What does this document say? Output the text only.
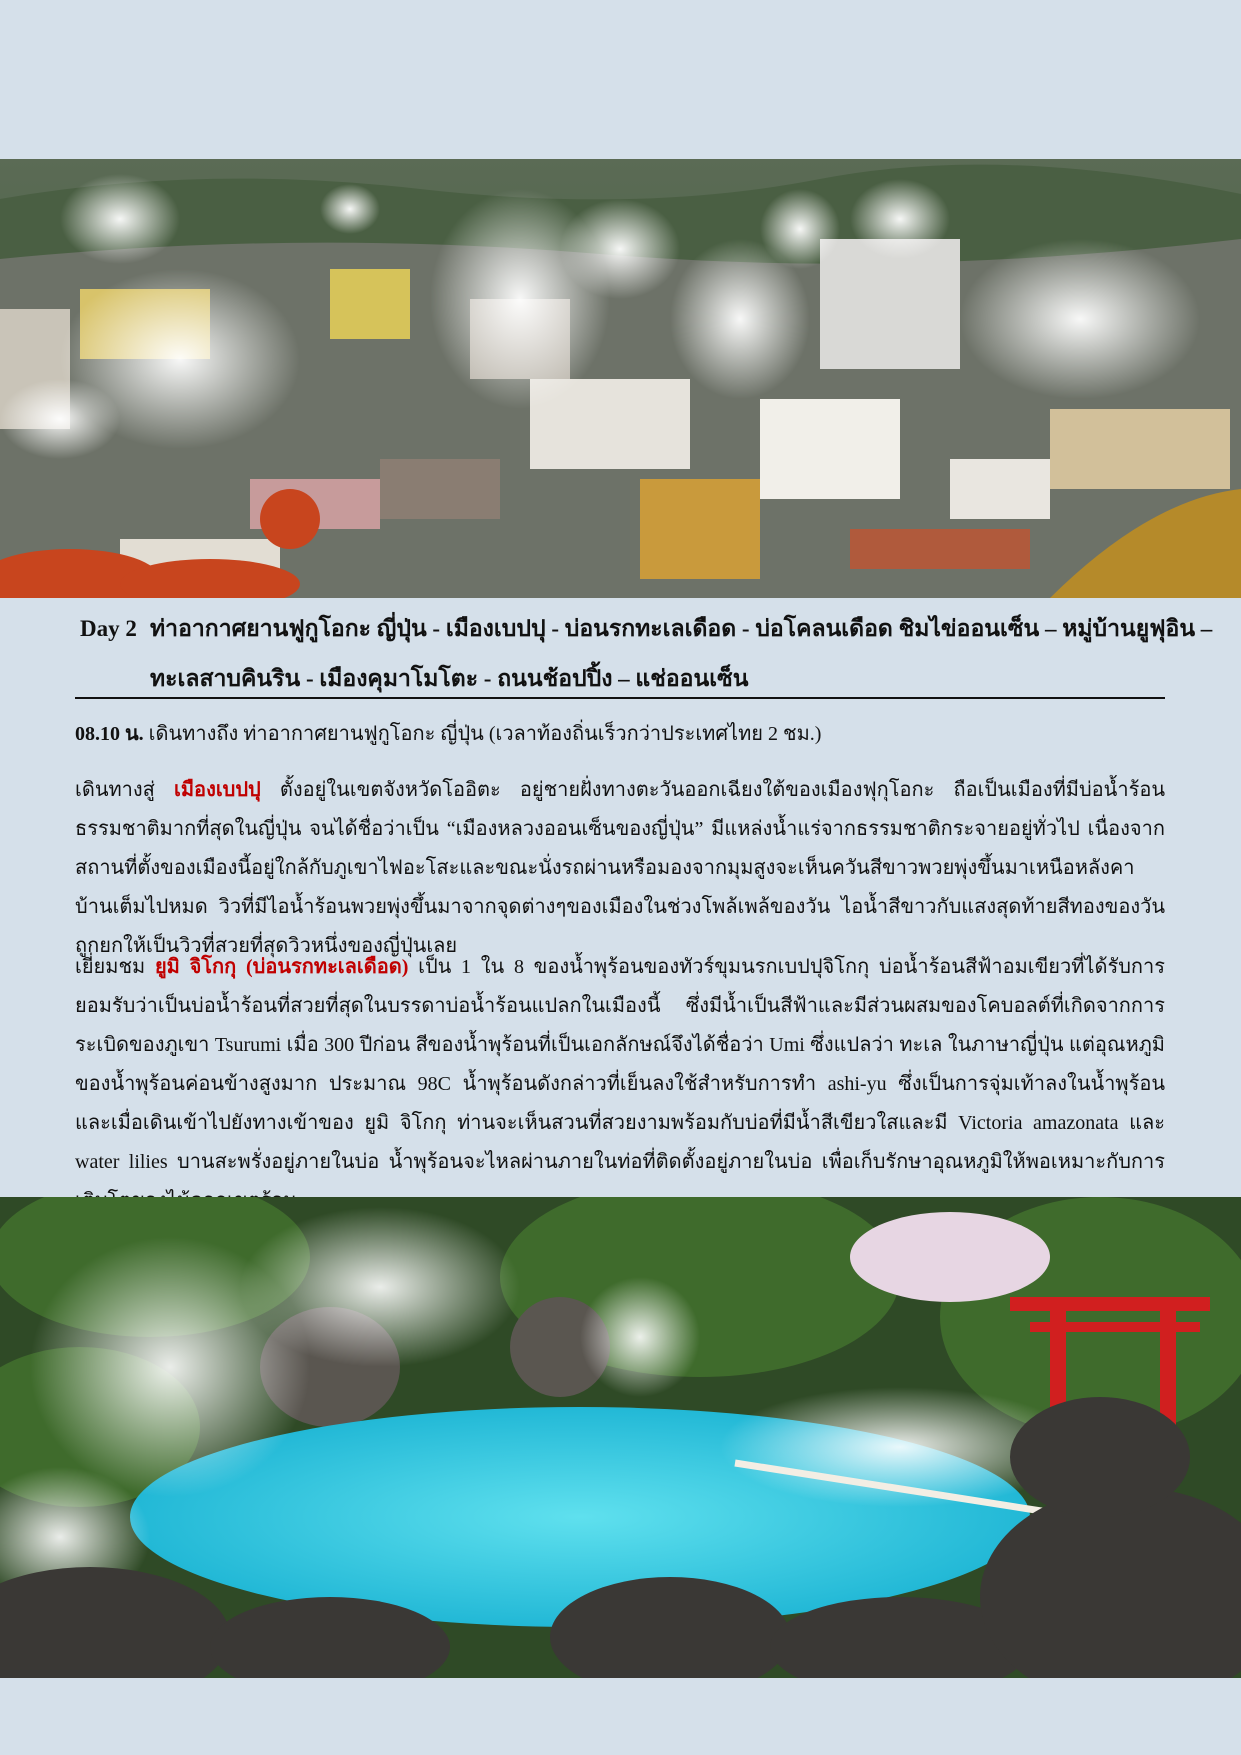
Day 2 ท่าอากาศยานฟูกูโอกะ ญี่ปุ่น - เมืองเบปปุ - บ่อนรกทะเลเดือด - บ่อโคลนเดือด ชิมไข่ออนเซ็น – หมู่บ้านยูฟุอิน –
ทะเลสาบคินริน - เมืองคุมาโมโตะ - ถนนช้อปปิ้ง – แช่ออนเซ็น
08.10 น. เดินทางถึง ท่าอากาศยานฟูกูโอกะ ญี่ปุ่น (เวลาท้องถิ่นเร็วกว่าประเทศไทย 2 ชม.)
เดินทางสู่ เมืองเบปปุ ตั้งอยู่ในเขตจังหวัดโออิตะ อยู่ชายฝั่งทางตะวันออกเฉียงใต้ของเมืองฟุกุโอกะ ถือเป็นเมืองที่มีบ่อน้ำร้อนธรรมชาติมากที่สุดในญี่ปุ่น จนได้ชื่อว่าเป็น “เมืองหลวงออนเซ็นของญี่ปุ่น” มีแหล่งน้ำแร่จากธรรมชาติกระจายอยู่ทั่วไป เนื่องจากสถานที่ตั้งของเมืองนี้อยู่ใกล้กับภูเขาไฟอะโสะและขณะนั่งรถผ่านหรือมองจากมุมสูงจะเห็นควันสีขาวพวยพุ่งขึ้นมาเหนือหลังคาบ้านเต็มไปหมด วิวที่มีไอน้ำร้อนพวยพุ่งขึ้นมาจากจุดต่างๆของเมืองในช่วงโพล้เพล้ของวัน ไอน้ำสีขาวกับแสงสุดท้ายสีทองของวันถูกยกให้เป็นวิวที่สวยที่สุดวิวหนึ่งของญี่ปุ่นเลย
เยี่ยมชม ยูมิ จิโกกุ (บ่อนรกทะเลเดือด) เป็น 1 ใน 8 ของน้ำพุร้อนของทัวร์ขุมนรกเบปปุจิโกกุ บ่อน้ำร้อนสีฟ้าอมเขียวที่ได้รับการยอมรับว่าเป็นบ่อน้ำร้อนที่สวยที่สุดในบรรดาบ่อน้ำร้อนแปลกในเมืองนี้ ซึ่งมีน้ำเป็นสีฟ้าและมีส่วนผสมของโคบอลต์ที่เกิดจากการระเบิดของภูเขา Tsurumi เมื่อ 300 ปีก่อน สีของน้ำพุร้อนที่เป็นเอกลักษณ์จึงได้ชื่อว่า Umi ซึ่งแปลว่า ทะเล ในภาษาญี่ปุ่น แต่อุณหภูมิของน้ำพุร้อนค่อนข้างสูงมาก ประมาณ 98C น้ำพุร้อนดังกล่าวที่เย็นลงใช้สำหรับการทำ ashi-yu ซึ่งเป็นการจุ่มเท้าลงในน้ำพุร้อน และเมื่อเดินเข้าไปยังทางเข้าของ ยูมิ จิโกกุ ท่านจะเห็นสวนที่สวยงามพร้อมกับบ่อที่มีน้ำสีเขียวใสและมี Victoria amazonata และ water lilies บานสะพรั่งอยู่ภายในบ่อ น้ำพุร้อนจะไหลผ่านภายในท่อที่ติดตั้งอยู่ภายในบ่อ เพื่อเก็บรักษาอุณหภูมิให้พอเหมาะกับการ
